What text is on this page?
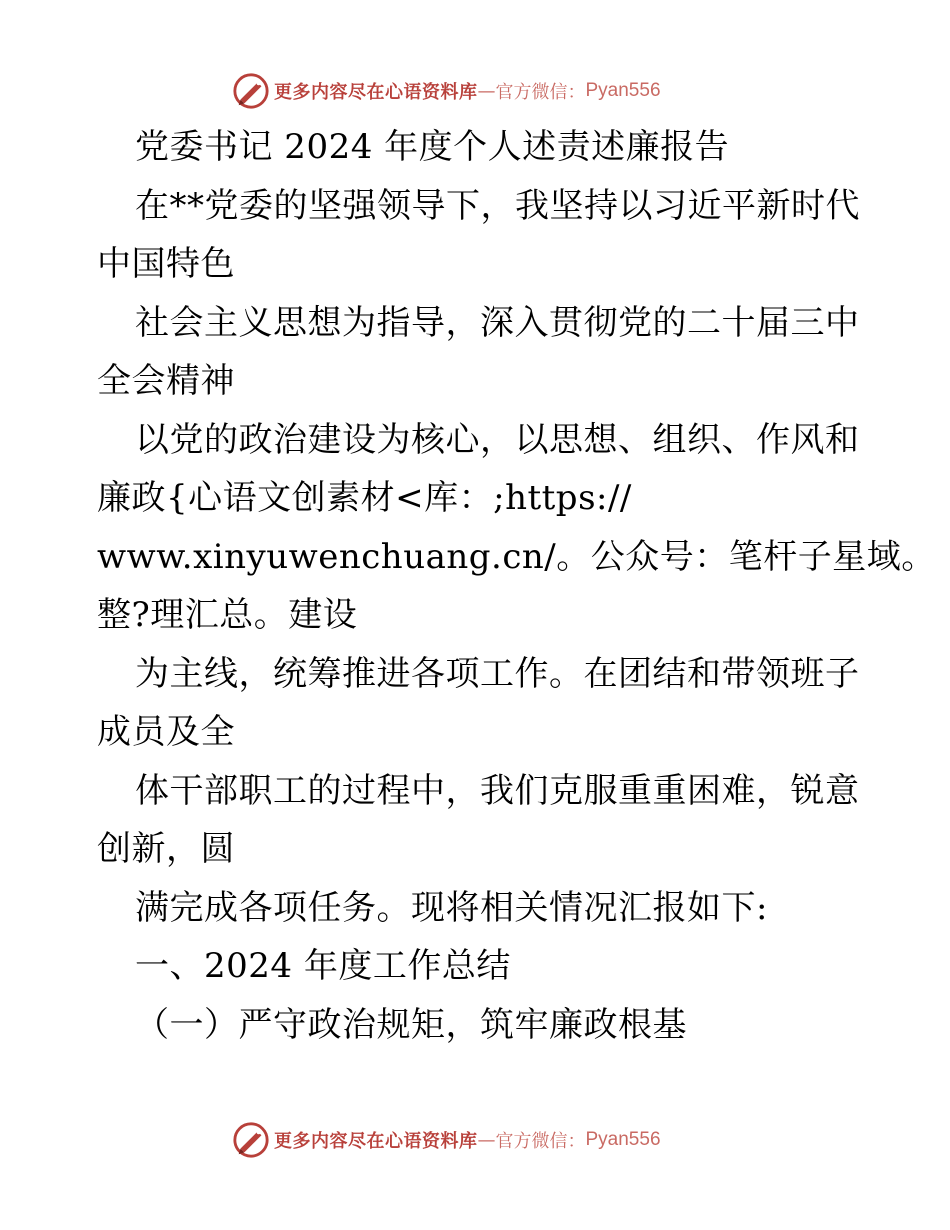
更多内容尽在心语资料库 — 官方微信： Pyan556
党委书记 2024 年度个人述责述廉报告
在**党委的坚强领导下，我坚持以习近平新时代
中国特色
社会主义思想为指导，深入贯彻党的二十届三中
全会精神
以党的政治建设为核心，以思想、组织、作风和
廉政{心语文创素材<库：;https://
www.xinyuwenchuang.cn/。公众号：笔杆子星域。
整?理汇总。建设
为主线，统筹推进各项工作。在团结和带领班子
成员及全
体干部职工的过程中，我们克服重重困难，锐意
创新，圆
满完成各项任务。现将相关情况汇报如下:
一、2024 年度工作总结
（一）严守政治规矩，筑牢廉政根基
更多内容尽在心语资料库 — 官方微信： Pyan556
